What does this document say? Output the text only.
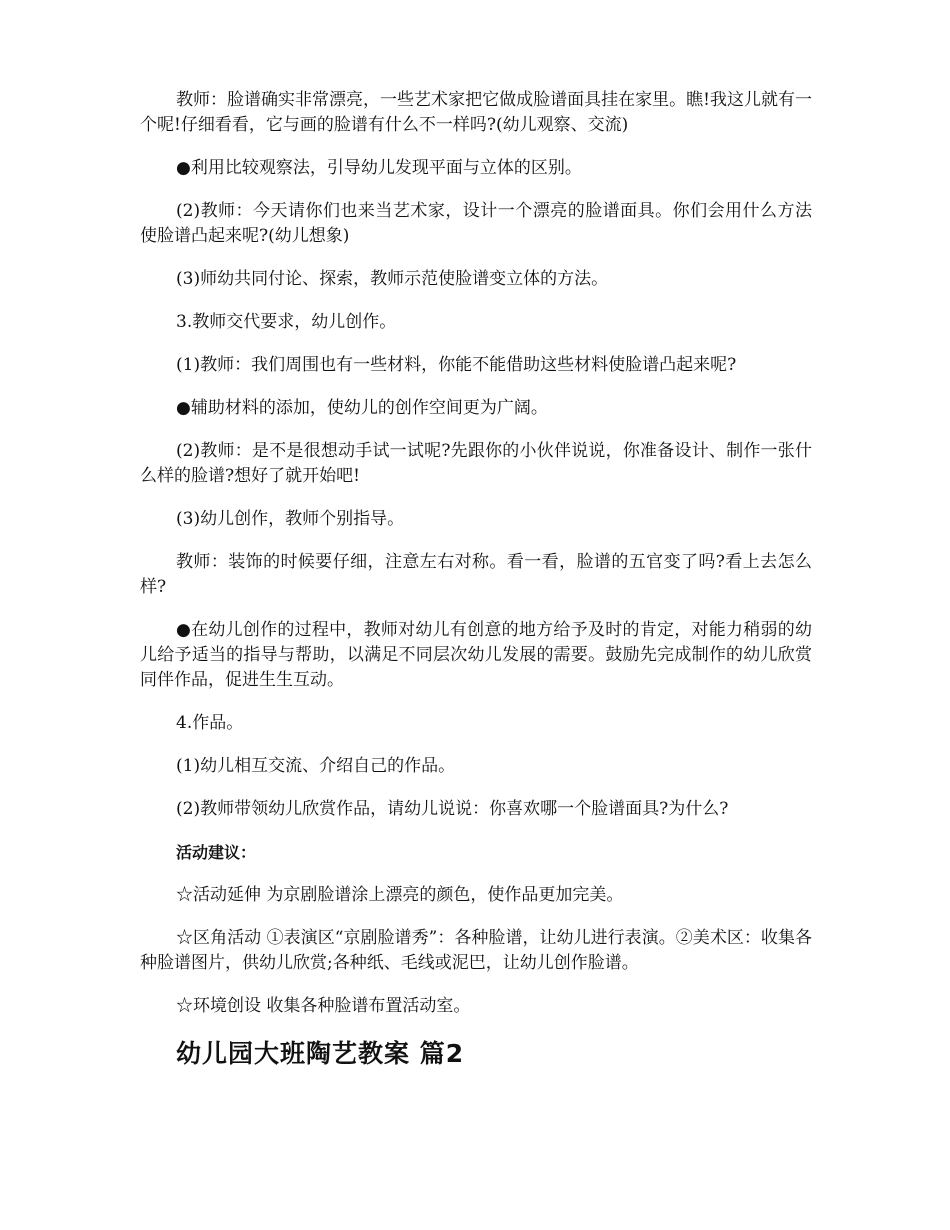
教师：脸谱确实非常漂亮，一些艺术家把它做成脸谱面具挂在家里。瞧!我这儿就有一个呢!仔细看看，它与画的脸谱有什么不一样吗?(幼儿观察、交流)

●利用比较观察法，引导幼儿发现平面与立体的区别。

(2)教师：今天请你们也来当艺术家，设计一个漂亮的脸谱面具。你们会用什么方法使脸谱凸起来呢?(幼儿想象)

(3)师幼共同付论、探索，教师示范使脸谱变立体的方法。

3.教师交代要求，幼儿创作。

(1)教师：我们周围也有一些材料，你能不能借助这些材料使脸谱凸起来呢?

●辅助材料的添加，使幼儿的创作空间更为广阔。

(2)教师：是不是很想动手试一试呢?先跟你的小伙伴说说，你准备设计、制作一张什么样的脸谱?想好了就开始吧!

(3)幼儿创作，教师个别指导。

教师：装饰的时候要仔细，注意左右对称。看一看，脸谱的五官变了吗?看上去怎么样?

●在幼儿创作的过程中，教师对幼儿有创意的地方给予及时的肯定，对能力稍弱的幼儿给予适当的指导与帮助，以满足不同层次幼儿发展的需要。鼓励先完成制作的幼儿欣赏同伴作品，促进生生互动。

4.作品。

(1)幼儿相互交流、介绍自己的作品。

(2)教师带领幼儿欣赏作品，请幼儿说说：你喜欢哪一个脸谱面具?为什么?

活动建议：

☆活动延伸 为京剧脸谱涂上漂亮的颜色，使作品更加完美。

☆区角活动 ①表演区“京剧脸谱秀”：各种脸谱，让幼儿进行表演。②美术区：收集各种脸谱图片，供幼儿欣赏;各种纸、毛线或泥巴，让幼儿创作脸谱。

☆环境创设 收集各种脸谱布置活动室。

幼儿园大班陶艺教案 篇2
